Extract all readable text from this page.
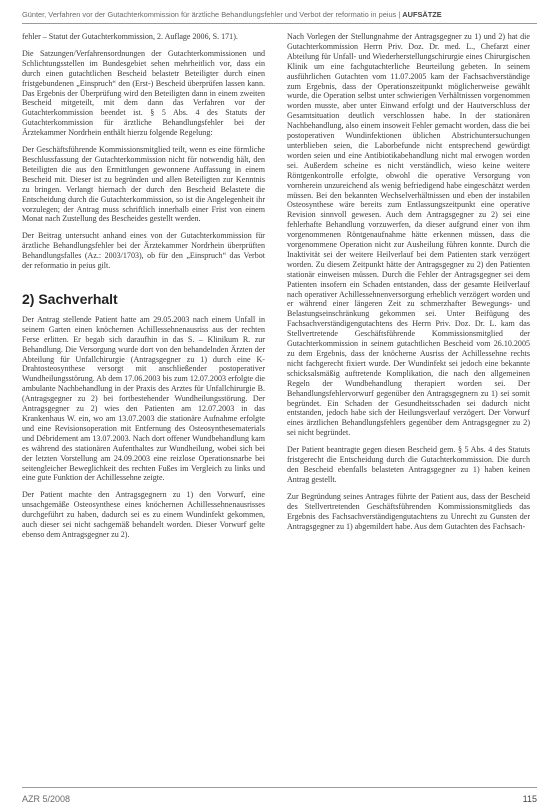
Günter, Verfahren vor der Gutachterkommission für ärztliche Behandlungsfehler und Verbot der reformatio in peius | AUFSÄTZE

fehler – Statut der Gutachterkommission, 2. Auflage 2006, S. 171).

Die Satzungen/Verfahrensordnungen der Gutachterkommissionen und Schlichtungsstellen im Bundesgebiet sehen mehrheitlich vor, dass ein durch einen gutachtlichen Bescheid belastetr Beteiligter durch einen fristgebundenen „Einspruch“ den (Erst-) Bescheid überprüfen lassen kann. Das Ergebnis der Überprüfung wird den Beteiligten dann in einem zweiten Bescheid mitgeteilt, mit dem dann das Verfahren vor der Gutachterkommission beendet ist. § 5 Abs. 4 des Statuts der Gutachterkommission für ärztliche Behandlungsfehler bei der Ärztekammer Nordrhein enthält hierzu folgende Regelung:

Der Geschäftsführende Kommissionsmitglied teilt, wenn es eine förmliche Beschlussfassung der Gutachterkommission nicht für notwendig hält, den Beteiligten die aus den Ermittlungen gewonnene Auffassung in einem Bescheid mit. Dieser ist zu begründen und allen Beteiligten zur Kenntnis zu bringen. Verlangt hiernach der durch den Bescheid Belastete die Entscheidung durch die Gutachterkommission, so ist die Angelegenheit ihr vorzulegen; der Antrag muss schriftlich innerhalb einer Frist von einem Monat nach Zustellung des Bescheides gestellt werden.

Der Beitrag untersucht anhand eines von der Gutachterkommission für ärztliche Behandlungsfehler bei der Ärztekammer Nordrhein überprüften Behandlungsfalles (Az.: 2003/1703), ob für den „Einspruch“ das Verbot der reformatio in peius gilt.

2) Sachverhalt

Der Antrag stellende Patient hatte am 29.05.2003 nach einem Unfall in seinem Garten einen knöchernen Achillessehnenausriss aus der rechten Ferse erlitten. Er begab sich daraufhin in das S. – Klinikum R. zur Behandlung. Die Versorgung wurde dort von den behandelnden Ärzten der Abteilung für Unfallchirurgie (Antragsgegner zu 1) durch eine K-Drahtosteosynthese versorgt mit anschließender postoperativer Wundheilungsstörung. Ab dem 17.06.2003 bis zum 12.07.2003 erfolgte die ambulante Nachbehandlung in der Praxis des Arztes für Unfallchirurgie B. (Antragsgegner zu 2) bei fortbestehender Wundheilungsstörung. Der Antragsgegner zu 2) wies den Patienten am 12.07.2003 in das Krankenhaus W. ein, wo am 13.07.2003 die stationäre Aufnahme erfolgte und eine Revisionsoperation mit Entfernung des Osteosynthesematerials und Débridement am 13.07.2003. Nach dort offener Wundbehandlung kam es während des stationären Aufenthaltes zur Wundheilung, wobei sich bei der letzten Vorstellung am 24.09.2003 eine reizlose Operationsnarbe bei seitengleicher Beweglichkeit des rechten Fußes im Vergleich zu links und eine gute Funktion der Achillessehne zeigte.

Der Patient machte den Antragsgegnern zu 1) den Vorwurf, eine unsachgemäße Osteosynthese eines knöchernen Achillessehnenausrisses durchgeführt zu haben, dadurch sei es zu einem Wundinfekt gekommen, auch dieser sei nicht sachgemäß behandelt worden. Dieser Vorwurf gelte ebenso dem Antragsgegner zu 2).

Nach Vorlegen der Stellungnahme der Antragsgegner zu 1) und 2) hat die Gutachterkommission Herrn Priv. Doz. Dr. med. L., Chefarzt einer Abteilung für Unfall- und Wiederherstellungschirurgie eines Chirurgischen Klinik um eine fachgutachterliche Beurteilung gebeten. In seinem ausführlichen Gutachten vom 11.07.2005 kam der Fachsachverständige zum Ergebnis, dass der Operationszeitpunkt möglicherweise gewählt wurde, die Operation selbst unter schwierigen Verhältnissen vorgenommen worden musste, aber unter Einwand erfolgt und der Hautverschluss der Gesamtsituation deutlich verschlossen habe. In der stationären Nachbehandlung, also einem insoweit Fehler gemacht worden, dass die bei postoperativen Wundinfektionen üblichen Abstrichuntersuchungen unterblieben seien, die Laborbefunde nicht entsprechend gewürdigt worden seien und eine Antibiotikabehandlung nicht mal erwogen worden sei. Außerdem scheine es nicht verständlich, wieso keine weitere Röntgenkontrolle erfolgte, obwohl die operative Versorgung von vornherein unzureichend als wenig befriedigend habe eingeschätzt werden müssen. Bei den bekannten Wechselverhältnissen und eben der instabilen Osteosynthese wäre bereits zum Entlassungszeitpunkt eine operative Revision sinnvoll gewesen. Auch dem Antragsgegner zu 2) sei eine fehlerhafte Behandlung vorzuwerfen, da dieser aufgrund einer von ihm vorgenommenen Röntgenaufnahme hätte erkennen müssen, dass die vorgenommene Operation nicht zur Ausheilung führen konnte. Durch die Inaktivität sei der weitere Heilverlauf bei dem Patienten stark verzögert worden. Zu diesem Zeitpunkt hätte der Antragsgegner zu 2) den Patienten stationär einweisen müssen. Durch die Fehler der Antragsgegner sei dem Patienten insofern ein Schaden entstanden, dass der gesamte Heilverlauf nach operativer Achillessehnenversorgung erheblich verzögert worden und er während einer längeren Zeit zu schmerzhafter Bewegungs- und Belastungseinschränkung gekommen sei. Unter Beifügung des Fachsachverständigengutachtens des Herrn Priv. Doz. Dr. L. kam das Stellvertretende Geschäftsführende Kommissionsmitglied der Gutachterkommission in seinem gutachtlichen Bescheid vom 26.10.2005 zu dem Ergebnis, dass der knöcherne Ausriss der Achillessehne rechts nicht fachgerecht fixiert wurde. Der Wundinfekt sei jedoch eine bekannte schicksalsmäßig auftretende Komplikation, die nach den allgemeinen Regeln der Wundbehandlung therapiert worden sei. Der Behandlungsfehlervorwurf gegenüber den Antragsgegnern zu 1) sei somit begründet. Ein Schaden der Gesundheitsschaden sei dadurch nicht entstanden, jedoch habe sich der Heilungsverlauf verzögert. Der Vorwurf eines ärztlichen Behandlungsfehlers gegenüber dem Antragsgegner zu 2) sei nicht begründet.

Der Patient beantragte gegen diesen Bescheid gem. § 5 Abs. 4 des Statuts fristgerecht die Entscheidung durch die Gutachterkommission. Die durch den Bescheid ebenfalls belasteten Antragsgegner zu 1) haben keinen Antrag gestellt.

Zur Begründung seines Antrages führte der Patient aus, dass der Bescheid des Stellvertretenden Geschäftsführenden Kommissionsmitglieds das Ergebnis des Fachsachverständigengutachtens zu Unrecht zu Gunsten der Antragsgegner zu 1) abgemildert habe. Aus dem Gutachten des Fachsach-

AZR 5/2008	115
